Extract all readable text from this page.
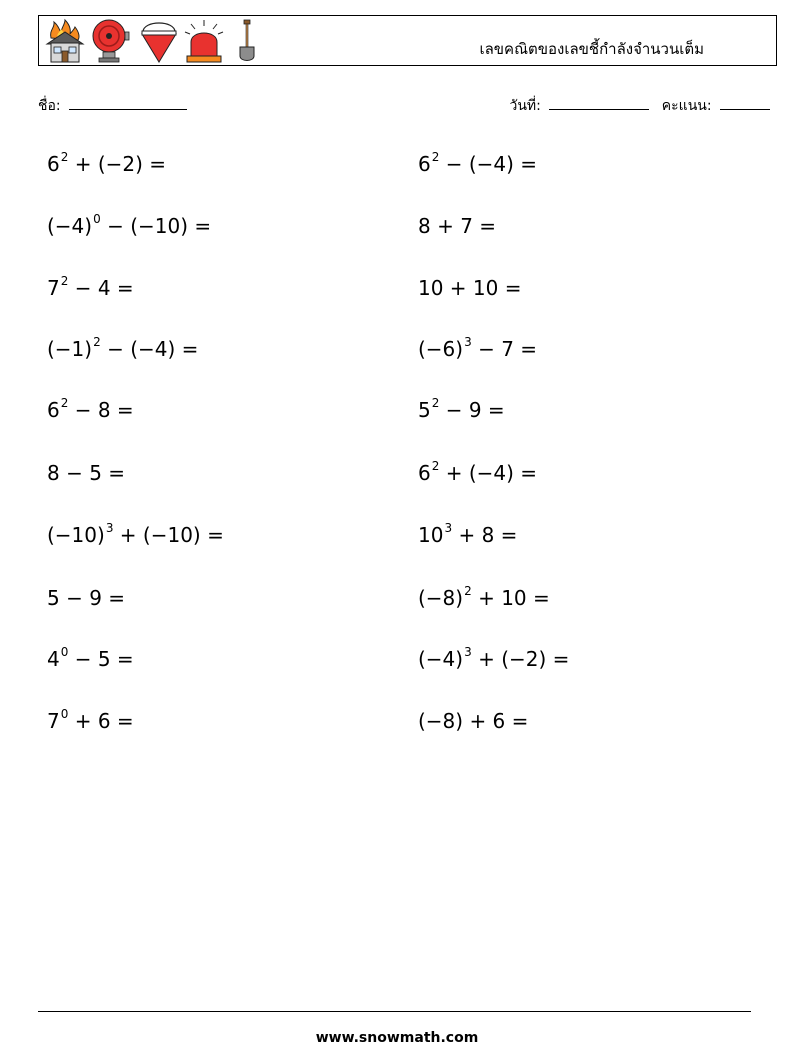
เลขคณิตของเลขชี้กำลังจำนวนเต็ม
ชื่อ:	วันที่:	คะแนน:
$6^2 + (-2)$ =	$6^2 - (-4)$ =
$(-4)^0 - (-10)$ =	8 + 7 =
$7^2 - 4$ =	10 + 10 =
$(-1)^2 - (-4)$ =	$(-6)^3 - 7$ =
$6^2 - 8$ =	$5^2 - 9$ =
8 − 5 =	$6^2 + (-4)$ =
$(-10)^3 + (-10)$ =	$10^3 + 8$ =
5 − 9 =	$(-8)^2 + 10$ =
$4^0 - 5$ =	$(-4)^3 + (-2)$ =
$7^0 + 6$ =	(−8) + 6 =
www.snowmath.com
